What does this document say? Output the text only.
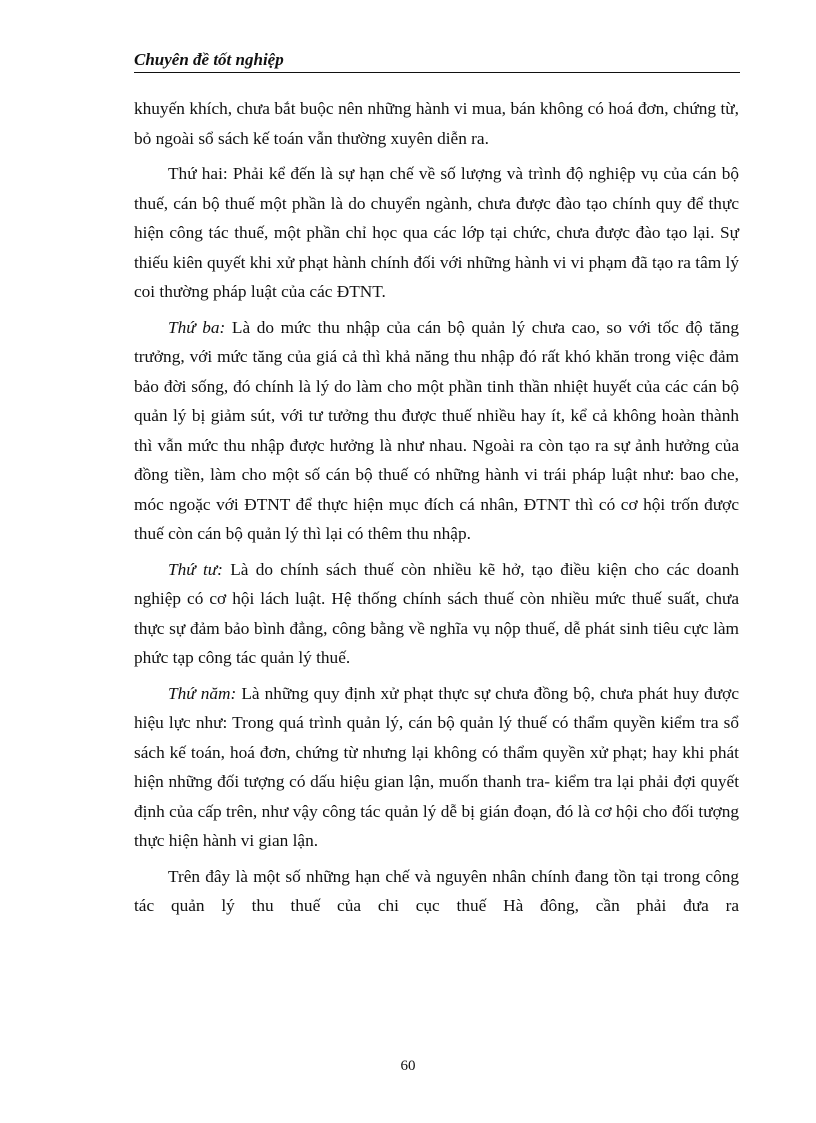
Chuyên đề tốt nghiệp

khuyến khích, chưa bắt buộc nên những hành vi mua, bán không có hoá đơn, chứng từ, bỏ ngoài sổ sách kế toán vẫn thường xuyên diễn ra.

Thứ hai: Phải kể đến là sự hạn chế về số lượng và trình độ nghiệp vụ của cán bộ thuế, cán bộ thuế một phần là do chuyển ngành, chưa được đào tạo chính quy để thực hiện công tác thuế, một phần chỉ học qua các lớp tại chức, chưa được đào tạo lại. Sự thiếu kiên quyết khi xử phạt hành chính đối với những hành vi vi phạm đã tạo ra tâm lý coi thường pháp luật của các ĐTNT.

Thứ ba: Là do mức thu nhập của cán bộ quản lý chưa cao, so với tốc độ tăng trưởng, với mức tăng của giá cả thì khả năng thu nhập đó rất khó khăn trong việc đảm bảo đời sống, đó chính là lý do làm cho một phần tinh thần nhiệt huyết của các cán bộ quản lý bị giảm sút, với tư tưởng thu được thuế nhiều hay ít, kể cả không hoàn thành thì vẫn mức thu nhập được hưởng là như nhau. Ngoài ra còn tạo ra sự ảnh hưởng của đồng tiền, làm cho một số cán bộ thuế có những hành vi trái pháp luật như: bao che, móc ngoặc với ĐTNT để thực hiện mục đích cá nhân, ĐTNT thì có cơ hội trốn được thuế còn cán bộ quản lý thì lại có thêm thu nhập.

Thứ tư: Là do chính sách thuế còn nhiều kẽ hở, tạo điều kiện cho các doanh nghiệp có cơ hội lách luật. Hệ thống chính sách thuế còn nhiều mức thuế suất, chưa thực sự đảm bảo bình đẳng, công bằng về nghĩa vụ nộp thuế, dễ phát sinh tiêu cực làm phức tạp công tác quản lý thuế.

Thứ năm: Là những quy định xử phạt thực sự chưa đồng bộ, chưa phát huy được hiệu lực như: Trong quá trình quản lý, cán bộ quản lý thuế có thẩm quyền kiểm tra sổ sách kế toán, hoá đơn, chứng từ nhưng lại không có thẩm quyền xử phạt; hay khi phát hiện những đối tượng có dấu hiệu gian lận, muốn thanh tra- kiểm tra lại phải đợi quyết định của cấp trên, như vậy công tác quản lý dễ bị gián đoạn, đó là cơ hội cho đối tượng thực hiện hành vi gian lận.

Trên đây là một số những hạn chế và nguyên nhân chính đang tồn tại trong công tác quản lý thu thuế của chi cục thuế Hà đông, cần phải đưa ra

60
